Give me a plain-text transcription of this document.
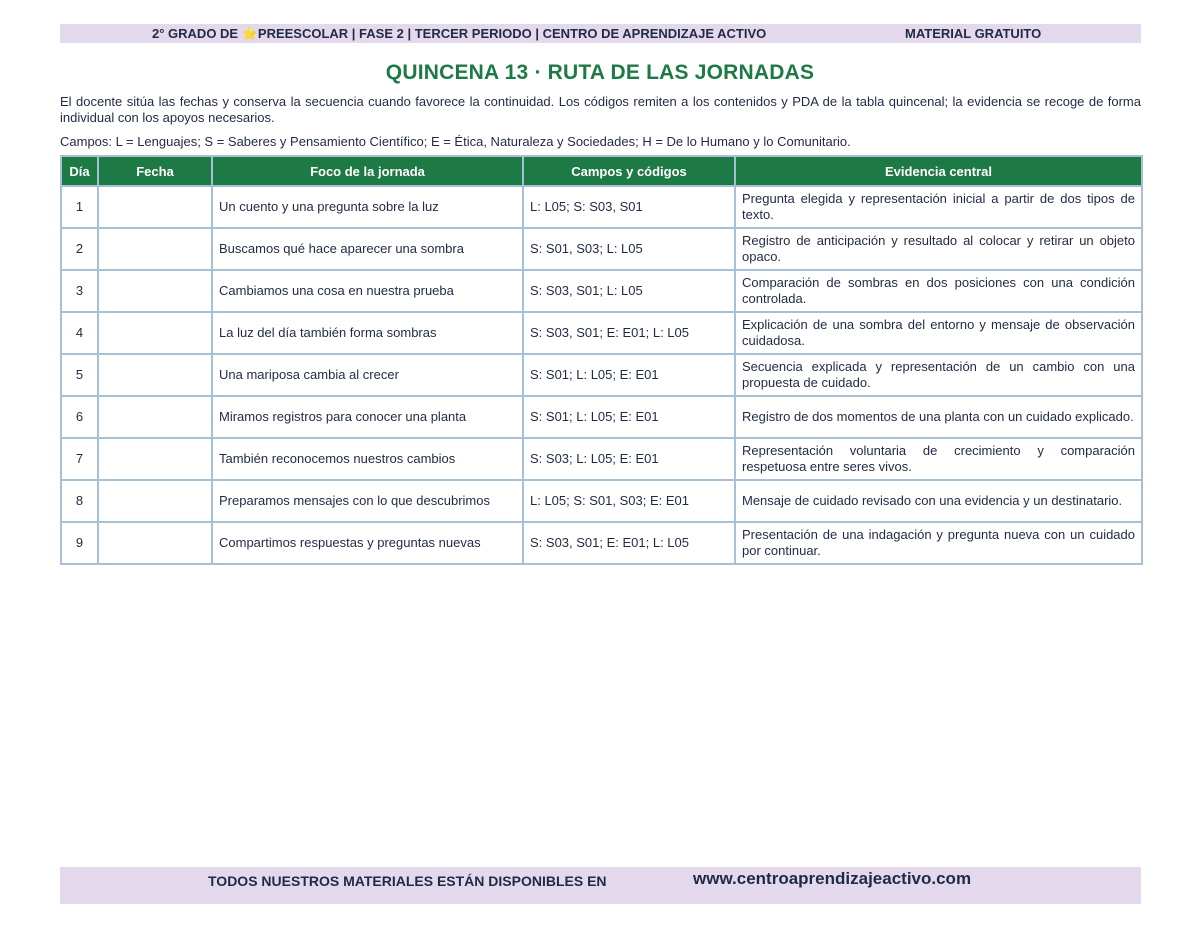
2° GRADO DE ⭐PREESCOLAR | FASE 2 | TERCER PERIODO | CENTRO DE APRENDIZAJE ACTIVO	MATERIAL GRATUITO
QUINCENA 13 · RUTA DE LAS JORNADAS
El docente sitúa las fechas y conserva la secuencia cuando favorece la continuidad. Los códigos remiten a los contenidos y PDA de la tabla quincenal; la evidencia se recoge de forma individual con los apoyos necesarios.
Campos: L = Lenguajes; S = Saberes y Pensamiento Científico; E = Ética, Naturaleza y Sociedades; H = De lo Humano y lo Comunitario.
Día	Fecha	Foco de la jornada	Campos y códigos	Evidencia central
1		Un cuento y una pregunta sobre la luz	L: L05; S: S03, S01	Pregunta elegida y representación inicial a partir de dos tipos de texto.
2		Buscamos qué hace aparecer una sombra	S: S01, S03; L: L05	Registro de anticipación y resultado al colocar y retirar un objeto opaco.
3		Cambiamos una cosa en nuestra prueba	S: S03, S01; L: L05	Comparación de sombras en dos posiciones con una condición controlada.
4		La luz del día también forma sombras	S: S03, S01; E: E01; L: L05	Explicación de una sombra del entorno y mensaje de observación cuidadosa.
5		Una mariposa cambia al crecer	S: S01; L: L05; E: E01	Secuencia explicada y representación de un cambio con una propuesta de cuidado.
6		Miramos registros para conocer una planta	S: S01; L: L05; E: E01	Registro de dos momentos de una planta con un cuidado explicado.
7		También reconocemos nuestros cambios	S: S03; L: L05; E: E01	Representación voluntaria de crecimiento y comparación respetuosa entre seres vivos.
8		Preparamos mensajes con lo que descubrimos	L: L05; S: S01, S03; E: E01	Mensaje de cuidado revisado con una evidencia y un destinatario.
9		Compartimos respuestas y preguntas nuevas	S: S03, S01; E: E01; L: L05	Presentación de una indagación y pregunta nueva con un cuidado por continuar.
TODOS NUESTROS MATERIALES ESTÁN DISPONIBLES EN	www.centroaprendizajeactivo.com
